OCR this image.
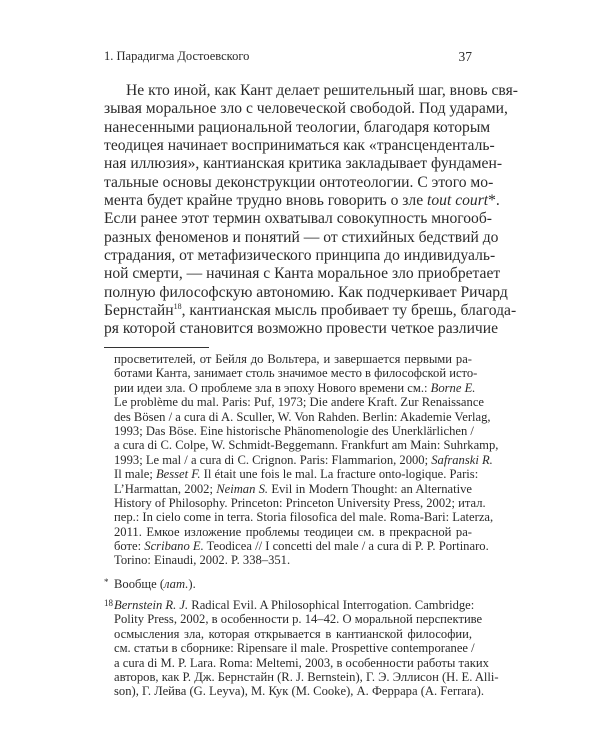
1. Парадигма Достоевского	37
Не кто иной, как Кант делает решительный шаг, вновь свя-
зывая моральное зло с человеческой свободой. Под ударами,
нанесенными рациональной теологии, благодаря которым
теодицея начинает восприниматься как «трансценденталь-
ная иллюзия», кантианская критика закладывает фундамен-
тальные основы деконструкции онтотеологии. С этого мо-
мента будет крайне трудно вновь говорить о зле tout court*.
Если ранее этот термин охватывал совокупность многооб-
разных феноменов и понятий — от стихийных бедствий до
страдания, от метафизического принципа до индивидуаль-
ной смерти, — начиная с Канта моральное зло приобретает
полную философскую автономию. Как подчеркивает Ричард
Бернстайн$^{18}$, кантианская мысль пробивает ту брешь, благода-
ря которой становится возможно провести четкое различие
просветителей, от Бейля до Вольтера, и завершается первыми ра-
ботами Канта, занимает столь значимое место в философской исто-
рии идеи зла. О проблеме зла в эпоху Нового времени см.: Borne E.
Le problème du mal. Paris: Puf, 1973; Die andere Kraft. Zur Renaissance
des Bösen / a cura di A. Sculler, W. Von Rahden. Berlin: Akademie Verlag,
1993; Das Böse. Eine historische Phänomenologie des Unerklärlichen /
a cura di C. Colpe, W. Schmidt-Beggemann. Frankfurt am Main: Suhrkamp,
1993; Le mal / a cura di C. Crignon. Paris: Flammarion, 2000; Safranski R.
Il male; Besset F. Il était une fois le mal. La fracture onto-logique. Paris:
L’Harmattan, 2002; Neiman S. Evil in Modern Thought: an Alternative
History of Philosophy. Princeton: Princeton University Press, 2002; итал.
пер.: In cielo come in terra. Storia filosofica del male. Roma-Bari: Laterza,
2011. Емкое изложение проблемы теодицеи см. в прекрасной ра-
боте: Scribano E. Teodicea // I concetti del male / a cura di P. P. Portinaro.
Torino: Einaudi, 2002. P. 338–351.
* Вообще (лат.).
18 Bernstein R. J. Radical Evil. A Philosophical Interrogation. Cambridge:
Polity Press, 2002, в особенности p. 14–42. О моральной перспективе
осмысления зла, которая открывается в кантианской философии,
см. статьи в сборнике: Ripensare il male. Prospettive contemporanee /
a cura di M. P. Lara. Roma: Meltemi, 2003, в особенности работы таких
авторов, как Р. Дж. Бернстайн (R. J. Bernstein), Г. Э. Эллисон (H. E. Alli-
son), Г. Лейва (G. Leyva), М. Кук (M. Cooke), А. Феррара (A. Ferrara).
